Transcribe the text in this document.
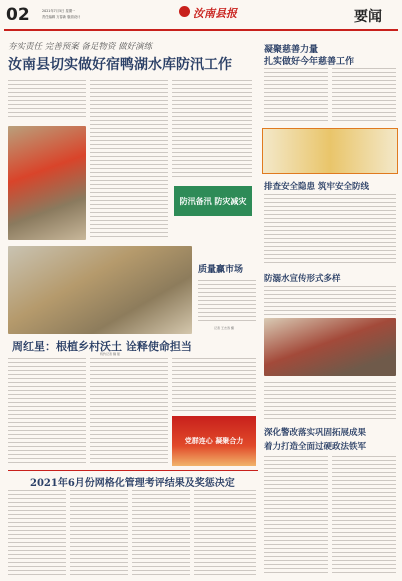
02	2021年7月5日 星期一
责任编辑 万春新 版面设计	汝南县报	要闻
夯实责任 完善预案 备足物资 做好演练
汝南县切实做好宿鸭湖水库防汛工作
防汛备汛 防灾减灾
凝聚慈善力量
扎实做好今年慈善工作
排查安全隐患 筑牢安全防线
防溺水宣传形式多样
质量赢市场
记者 王志涛 摄
周红星：根植乡村沃土 诠释使命担当
特约记者 魏 强
党群连心 凝聚合力
2021年6月份网格化管理考评结果及奖惩决定
深化警改落实巩固拓展成果
着力打造全面过硬政法铁军
